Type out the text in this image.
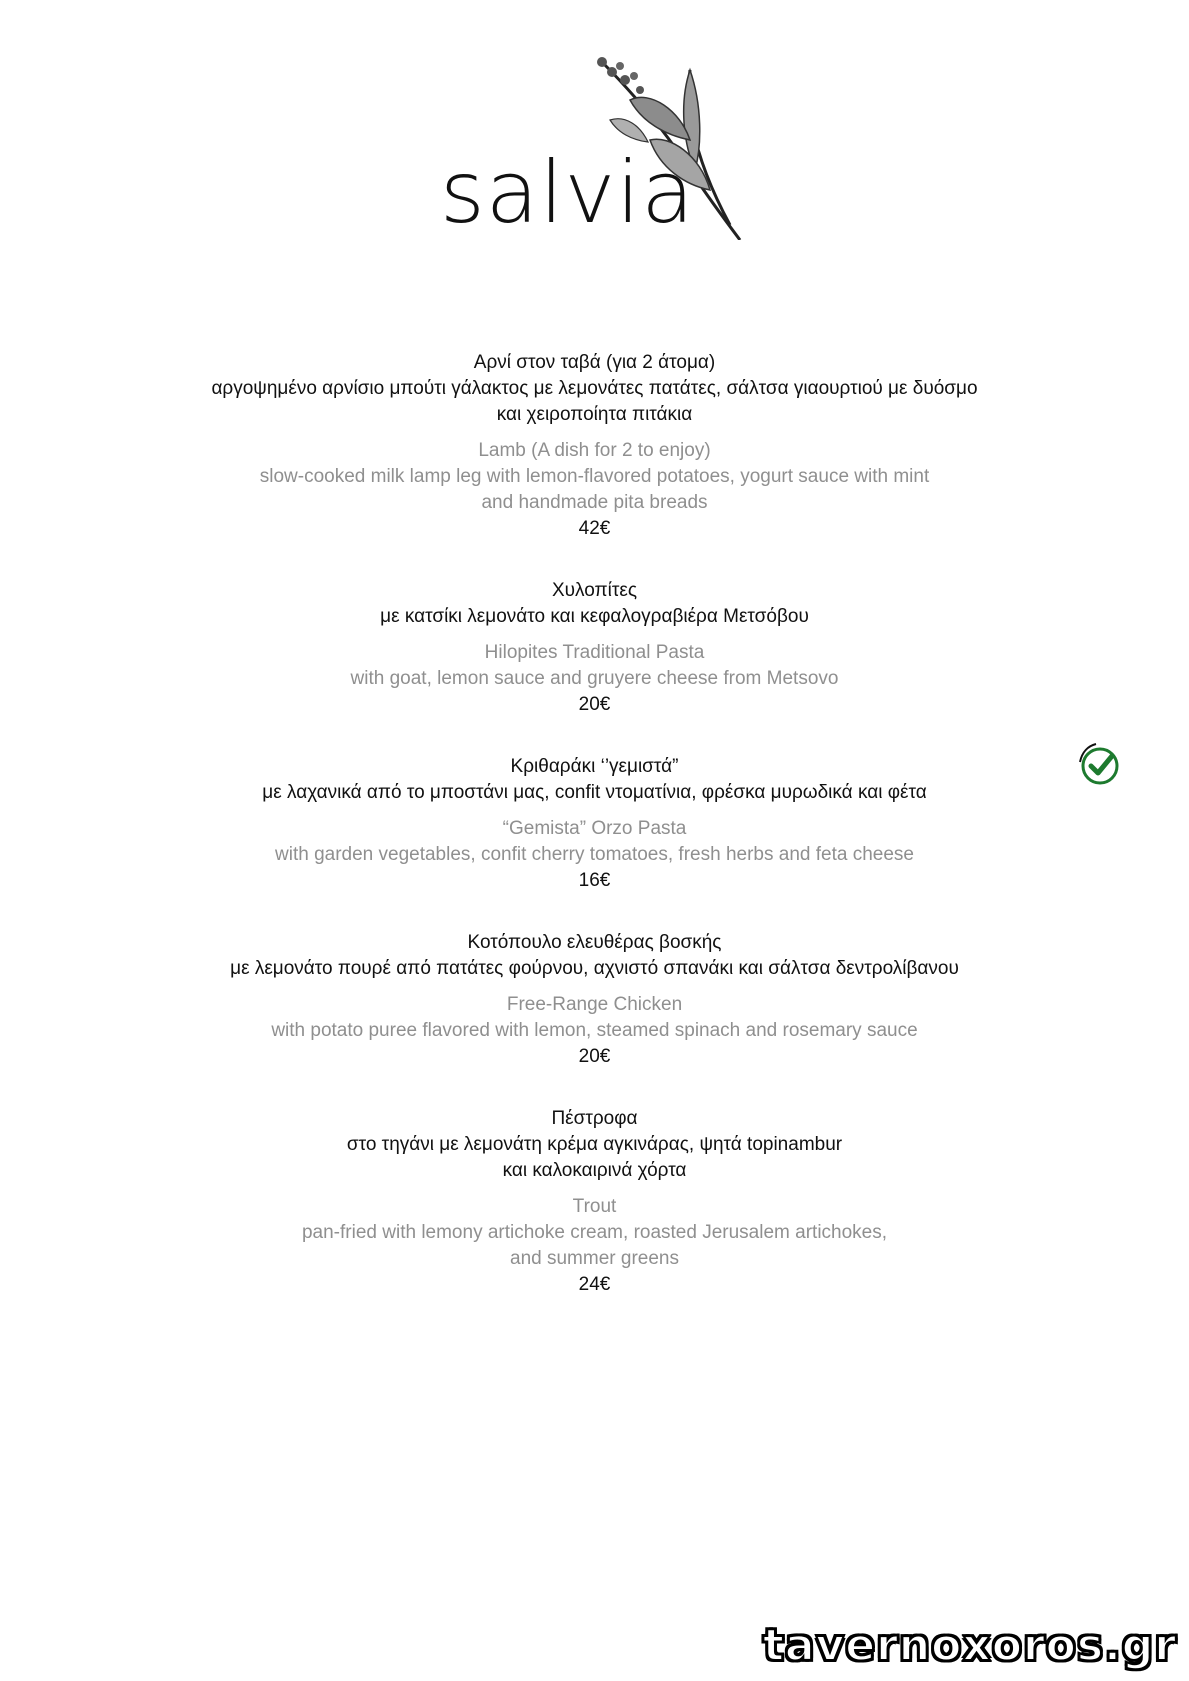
salvia

Αρνί στον ταβά (για 2 άτομα)

αργοψημένο αρνίσιο μπούτι γάλακτος με λεμονάτες πατάτες, σάλτσα γιαουρτιού με δυόσμο

και χειροποίητα πιτάκια

Lamb (A dish for 2 to enjoy)

slow-cooked milk lamp leg with lemon-flavored potatoes, yogurt sauce with mint

and handmade pita breads

42€

Χυλοπίτες

με κατσίκι λεμονάτο και κεφαλογραβιέρα Μετσόβου

Hilopites Traditional Pasta

with goat, lemon sauce and gruyere cheese from Metsovo

20€

Κριθαράκι ‘’γεμιστά”

με λαχανικά από το μποστάνι μας, confit ντοματίνια, φρέσκα μυρωδικά και φέτα

“Gemista” Orzo Pasta

with garden vegetables, confit cherry tomatoes, fresh herbs and feta cheese

16€

Κοτόπουλο ελευθέρας βοσκής

με λεμονάτο πουρέ από πατάτες φούρνου, αχνιστό σπανάκι και σάλτσα δεντρολίβανου

Free-Range Chicken

with potato puree flavored with lemon, steamed spinach and rosemary sauce

20€

Πέστροφα

στο τηγάνι με λεμονάτη κρέμα αγκινάρας, ψητά topinambur

και καλοκαιρινά χόρτα

Trout

pan-fried with lemony artichoke cream, roasted Jerusalem artichokes,

and summer greens

24€
tavernoxoros.gr
